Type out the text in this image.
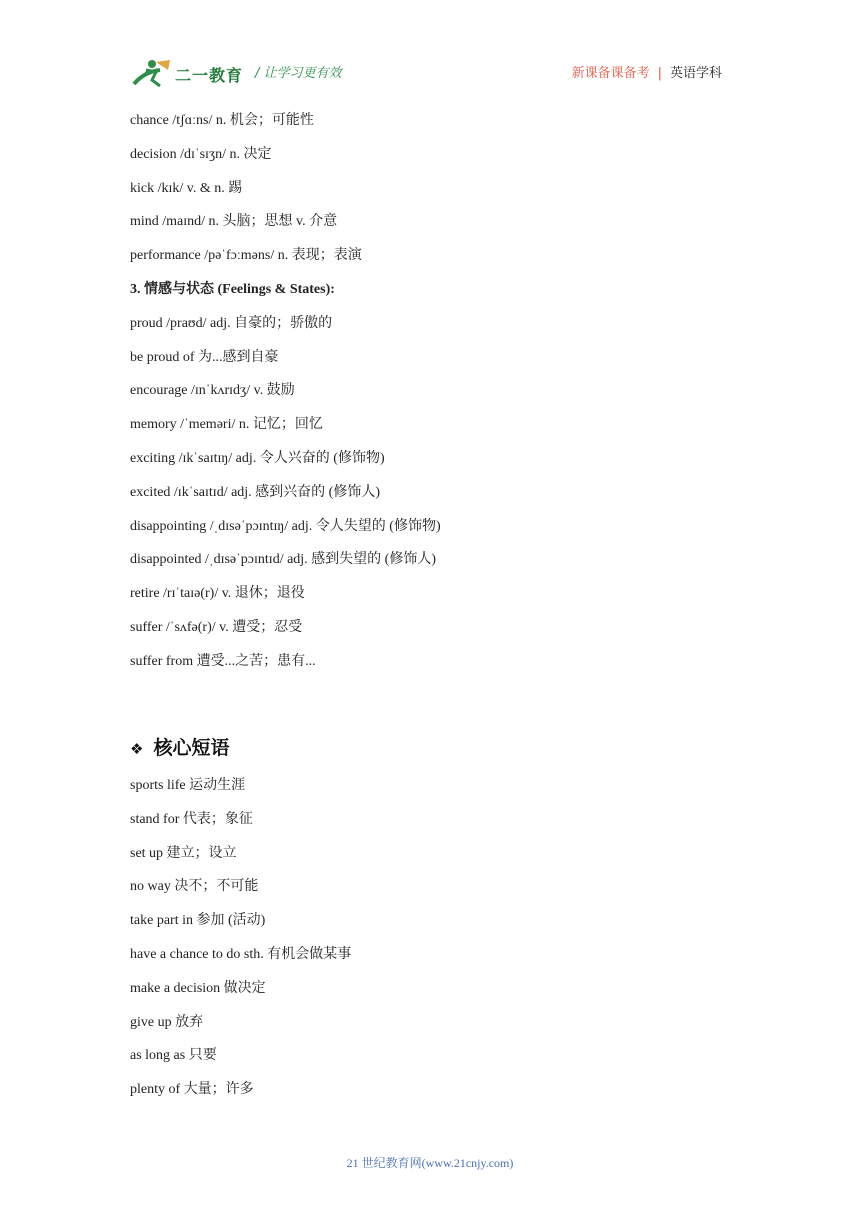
二一教育 / 让学习更有效	新课备课备考 | 英语学科
chance /tʃɑːns/ n. 机会；可能性
decision /dɪˈsɪʒn/ n. 决定
kick /kɪk/ v. & n. 踢
mind /maɪnd/ n. 头脑；思想 v. 介意
performance /pəˈfɔːməns/ n. 表现；表演
3. 情感与状态 (Feelings & States):
proud /praʊd/ adj. 自豪的；骄傲的
be proud of 为...感到自豪
encourage /ɪnˈkʌrɪdʒ/ v. 鼓励
memory /ˈmeməri/ n. 记忆；回忆
exciting /ɪkˈsaɪtɪŋ/ adj. 令人兴奋的 (修饰物)
excited /ɪkˈsaɪtɪd/ adj. 感到兴奋的 (修饰人)
disappointing /ˌdɪsəˈpɔɪntɪŋ/ adj. 令人失望的 (修饰物)
disappointed /ˌdɪsəˈpɔɪntɪd/ adj. 感到失望的 (修饰人)
retire /rɪˈtaɪə(r)/ v. 退休；退役
suffer /ˈsʌfə(r)/ v. 遭受；忍受
suffer from 遭受...之苦；患有...
❖ 核心短语
sports life 运动生涯
stand for 代表；象征
set up 建立；设立
no way 决不；不可能
take part in 参加 (活动)
have a chance to do sth. 有机会做某事
make a decision 做决定
give up 放弃
as long as 只要
plenty of 大量；许多
21 世纪教育网(www.21cnjy.com)
